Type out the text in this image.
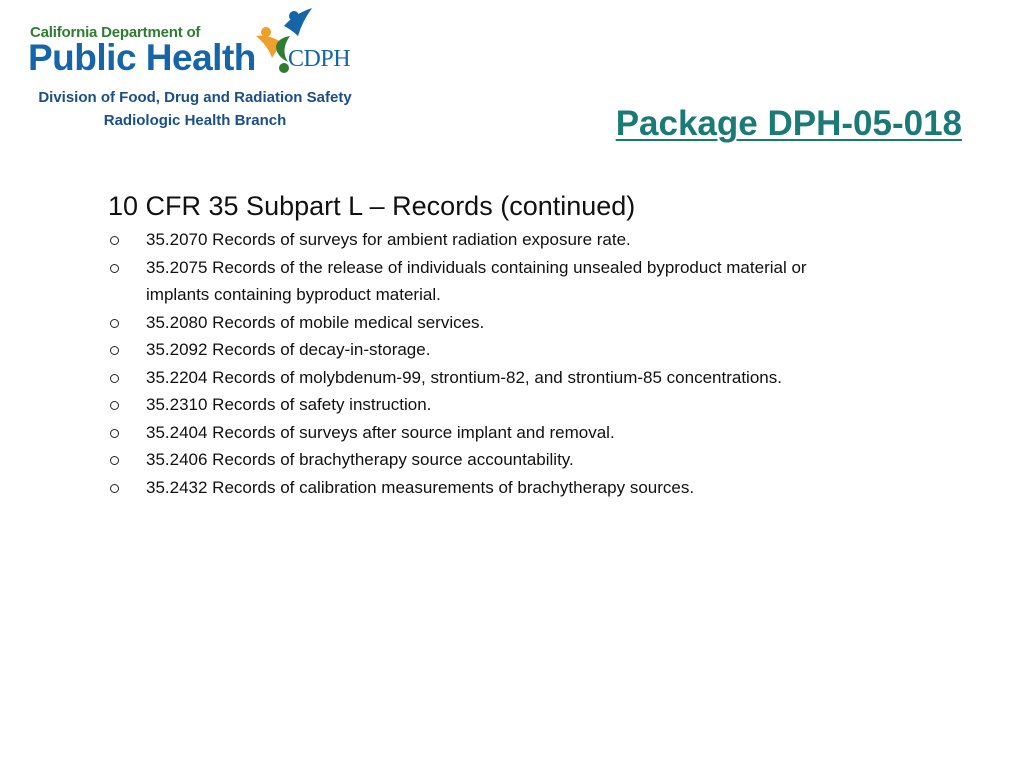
California Department of
Public Health CDPH
Division of Food, Drug and Radiation Safety
Radiologic Health Branch	Package DPH-05-018
10 CFR 35 Subpart L – Records (continued)
35.2070 Records of surveys for ambient radiation exposure rate.
35.2075 Records of the release of individuals containing unsealed byproduct material or implants containing byproduct material.
35.2080 Records of mobile medical services.
35.2092 Records of decay-in-storage.
35.2204 Records of molybdenum-99, strontium-82, and strontium-85 concentrations.
35.2310 Records of safety instruction.
35.2404 Records of surveys after source implant and removal.
35.2406 Records of brachytherapy source accountability.
35.2432 Records of calibration measurements of brachytherapy sources.
